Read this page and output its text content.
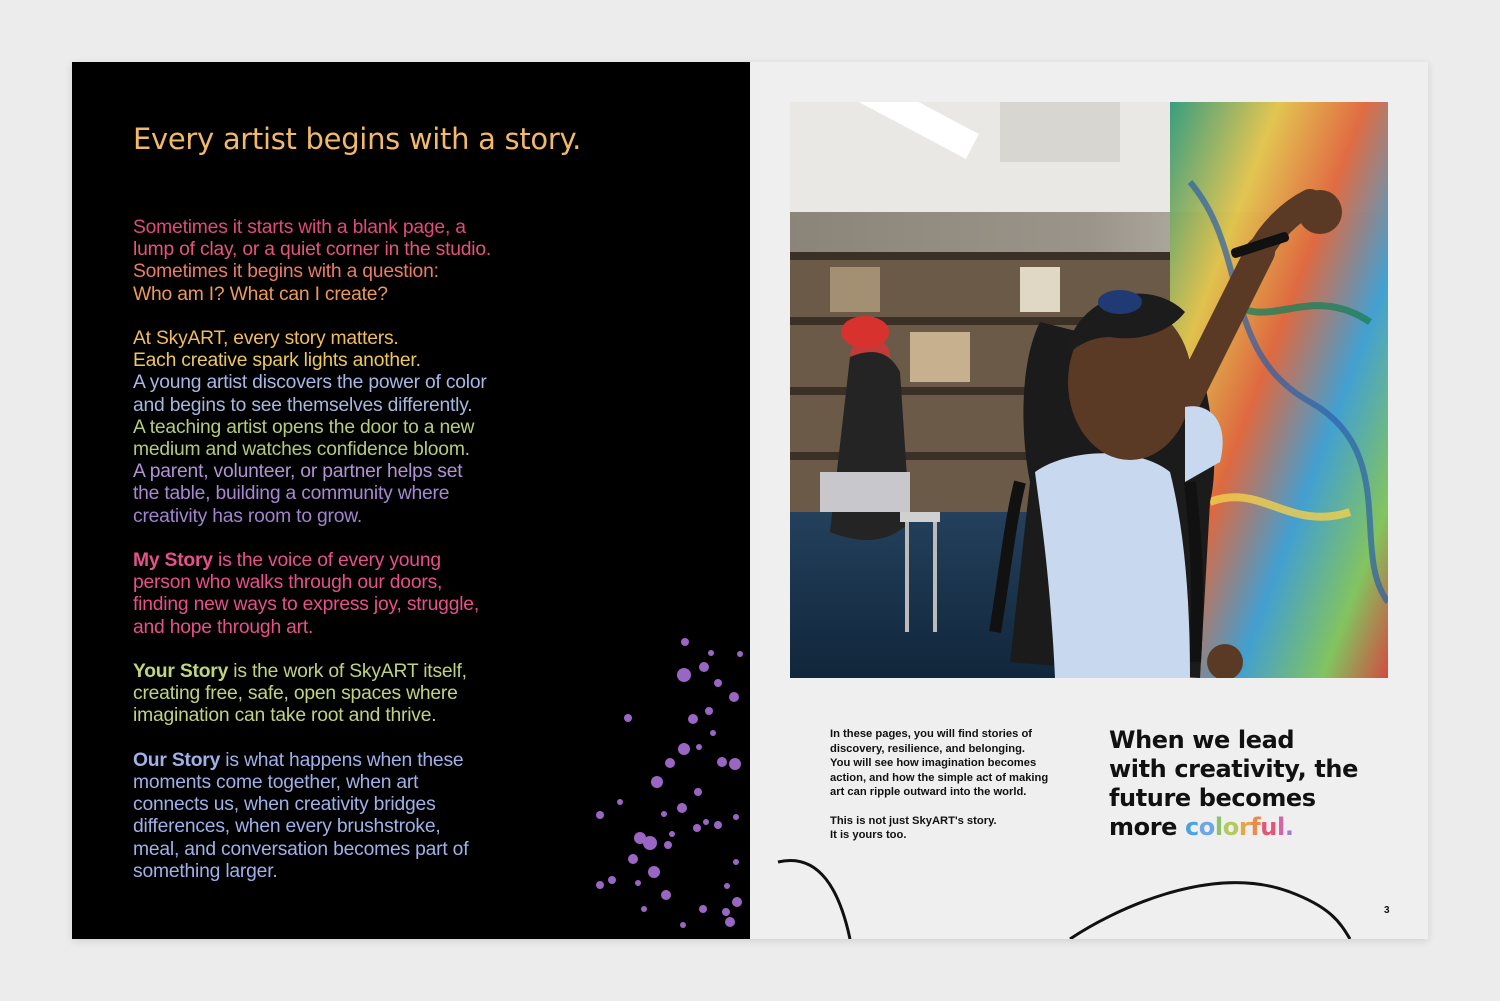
Every artist begins with a story.

Sometimes it starts with a blank page, a
lump of clay, or a quiet corner in the studio.
Sometimes it begins with a question:
Who am I? What can I create?

At SkyART, every story matters.
Each creative spark lights another.
A young artist discovers the power of color
and begins to see themselves differently.
A teaching artist opens the door to a new
medium and watches confidence bloom.
A parent, volunteer, or partner helps set
the table, building a community where
creativity has room to grow.

My Story is the voice of every young
person who walks through our doors,
finding new ways to express joy, struggle,
and hope through art.

Your Story is the work of SkyART itself,
creating free, safe, open spaces where
imagination can take root and thrive.

Our Story is what happens when these
moments come together, when art
connects us, when creativity bridges
differences, when every brushstroke,
meal, and conversation becomes part of
something larger.

In these pages, you will find stories of
discovery, resilience, and belonging.
You will see how imagination becomes
action, and how the simple act of making
art can ripple outward into the world.
This is not just SkyART's story.
It is yours too.
When we lead
with creativity, the
future becomes
more colorful.
3
